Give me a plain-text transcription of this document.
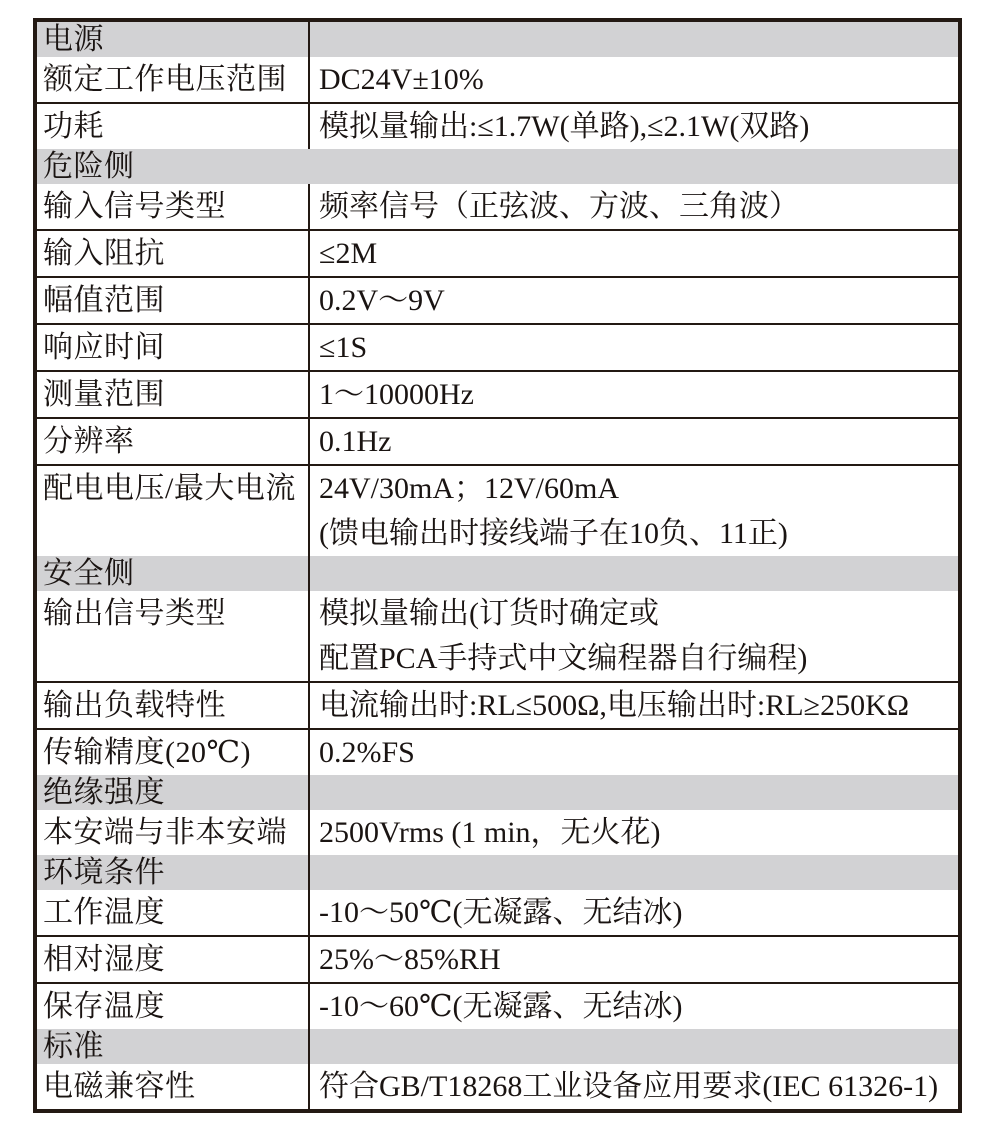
电源
额定工作电压范围	DC24V±10%
功耗	模拟量输出:≤1.7W(单路),≤2.1W(双路)
危险侧
输入信号类型	频率信号（正弦波、方波、三角波）
输入阻抗	≤2M
幅值范围	0.2V～9V
响应时间	≤1S
测量范围	1～10000Hz
分辨率	0.1Hz
配电电压/最大电流 24V/30mA；12V/60mA
(馈电输出时接线端子在10负、11正)
安全侧
输出信号类型	模拟量输出(订货时确定或
配置PCA手持式中文编程器自行编程)
输出负载特性	电流输出时:RL≤500Ω,电压输出时:RL≥250KΩ
传输精度(20℃)	0.2%FS
绝缘强度
本安端与非本安端	2500Vrms (1 min，无火花)
环境条件
工作温度	-10～50℃(无凝露、无结冰)
相对湿度	25%～85%RH
保存温度	-10～60℃(无凝露、无结冰)
标准
电磁兼容性	符合GB/T18268工业设备应用要求(IEC 61326-1)
